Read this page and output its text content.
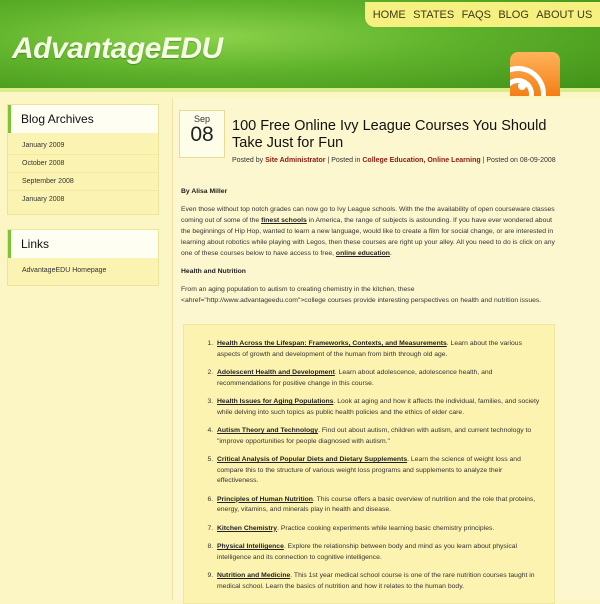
AdvantageEDU
HOME STATES FAQS BLOG ABOUT US
Blog Archives
January 2009
October 2008
September 2008
January 2008
Links
AdvantageEDU Homepage
Sep
08	100 Free Online Ivy League Courses You Should Take Just for Fun
Posted by Site Administrator | Posted in College Education, Online Learning | Posted on 08-09-2008

By Alisa Miller

Even those without top notch grades can now go to Ivy League schools. With the the availability of open courseware classes coming out of some of the finest schools in America, the range of subjects is astounding. If you have ever wondered about the beginnings of Hip Hop, wanted to learn a new language, would like to create a film for social change, or are interested in learning about robotics while playing with Legos, then these courses are right up your alley. All you need to do is click on any one of these courses below to have access to free, online education.

Health and Nutrition

From an aging population to autism to creating chemistry in the kitchen, these <ahref="http://www.advantageedu.com">college courses provide interesting perspectives on health and nutrition issues.

1. Health Across the Lifespan: Frameworks, Contexts, and Measurements. Learn about the various aspects of growth and development of the human from birth through old age.
2. Adolescent Health and Development. Learn about adolescence, adolescence health, and recommendations for positive change in this course.
3. Health Issues for Aging Populations. Look at aging and how it affects the individual, families, and society while delving into such topics as public health policies and the ethics of elder care.
4. Autism Theory and Technology. Find out about autism, children with autism, and current technology to "improve opportunities for people diagnosed with autism."
5. Critical Analysis of Popular Diets and Dietary Supplements. Learn the science of weight loss and compare this to the structure of various weight loss programs and supplements to analyze their effectiveness.
6. Principles of Human Nutrition. This course offers a basic overview of nutrition and the role that proteins, energy, vitamins, and minerals play in health and disease.
7. Kitchen Chemistry. Practice cooking experiments while learning basic chemistry principles.
8. Physical Intelligence. Explore the relationship between body and mind as you learn about physical intelligence and its connection to cognitive intelligence.
9. Nutrition and Medicine. This 1st year medical school course is one of the rare nutrition courses taught in medical school. Learn the basics of nutrition and how it relates to the human body.
